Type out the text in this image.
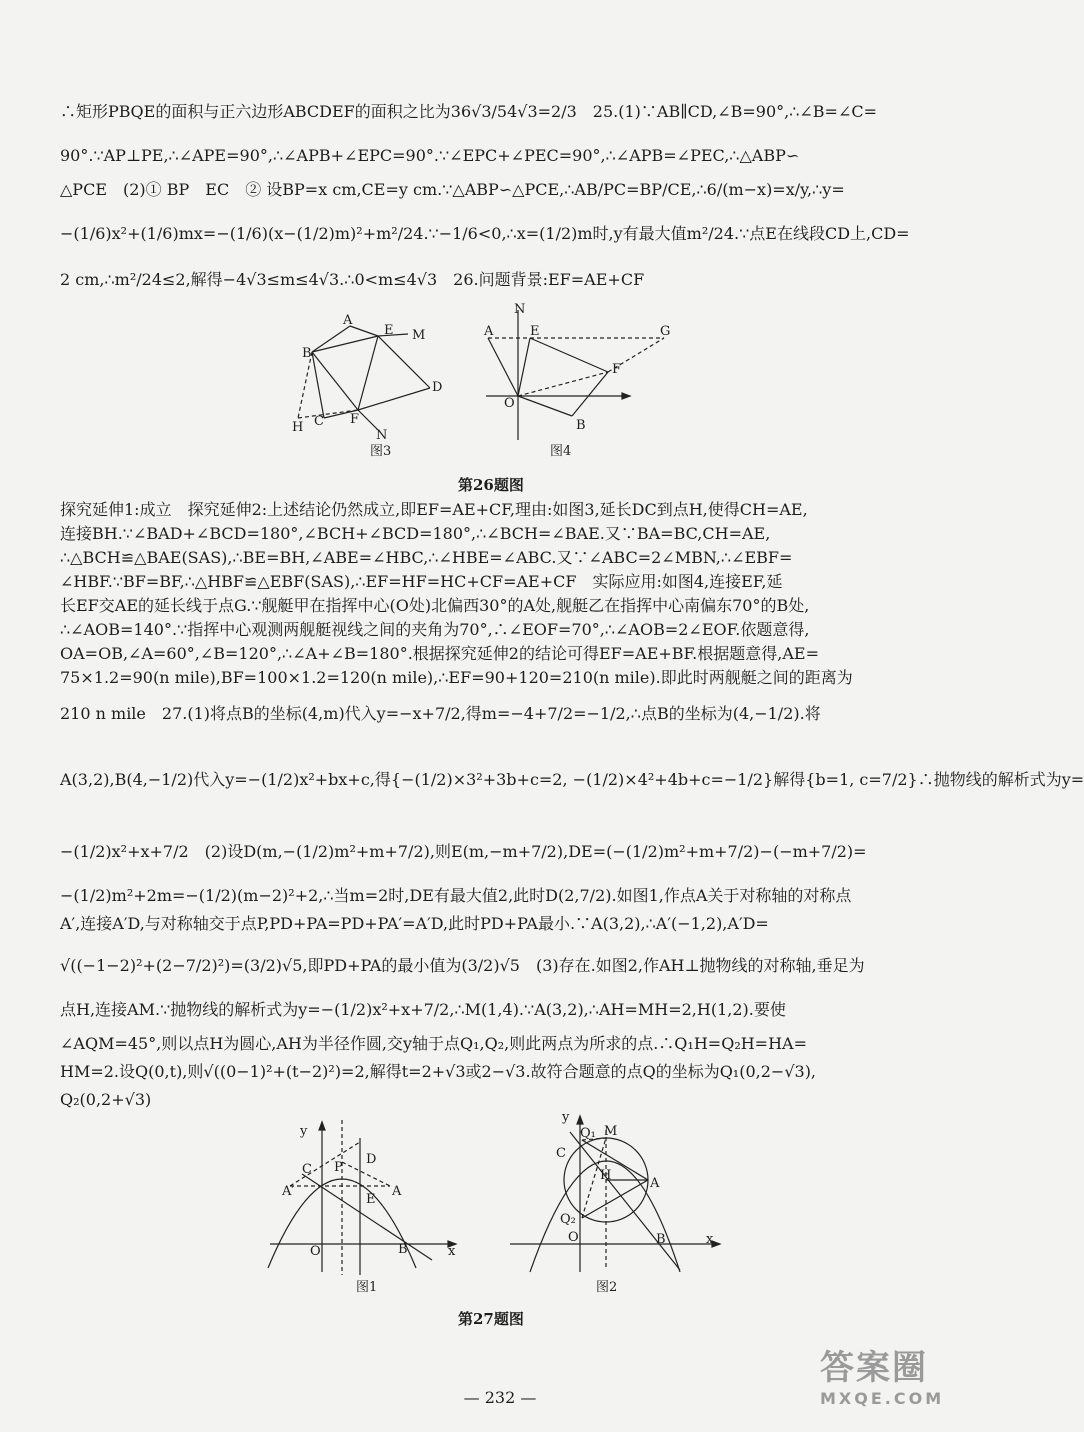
∴矩形PBQE的面积与正六边形ABCDEF的面积之比为36√3/54√3=2/3　25.(1)∵AB∥CD,∠B=90°,∴∠B=∠C=
90°.∵AP⊥PE,∴∠APE=90°,∴∠APB+∠EPC=90°.∵∠EPC+∠PEC=90°,∴∠APB=∠PEC,∴△ABP∽
△PCE　(2)① BP　EC　② 设BP=x cm,CE=y cm.∵△ABP∽△PCE,∴AB/PC=BP/CE,∴6/(m−x)=x/y,∴y=
−(1/6)x²+(1/6)mx=−(1/6)(x−(1/2)m)²+m²/24.∵−1/6<0,∴x=(1/2)m时,y有最大值m²/24.∵点E在线段CD上,CD=
2 cm,∴m²/24≤2,解得−4√3≤m≤4√3.∴0<m≤4√3　26.问题背景:EF=AE+CF
A
E M
B
D
H C F
N
图3
A
N
E	G
F
O
B
图4
第26题图
探究延伸1:成立　探究延伸2:上述结论仍然成立,即EF=AE+CF,理由:如图3,延长DC到点H,使得CH=AE,
连接BH.∵∠BAD+∠BCD=180°,∠BCH+∠BCD=180°,∴∠BCH=∠BAE.又∵BA=BC,CH=AE,
∴△BCH≌△BAE(SAS),∴BE=BH,∠ABE=∠HBC,∴∠HBE=∠ABC.又∵∠ABC=2∠MBN,∴∠EBF=
∠HBF.∵BF=BF,∴△HBF≌△EBF(SAS),∴EF=HF=HC+CF=AE+CF　实际应用:如图4,连接EF,延
长EF交AE的延长线于点G.∵舰艇甲在指挥中心(O处)北偏西30°的A处,舰艇乙在指挥中心南偏东70°的B处,
∴∠AOB=140°.∵指挥中心观测两舰艇视线之间的夹角为70°,∴∠EOF=70°,∴∠AOB=2∠EOF.依题意得,
OA=OB,∠A=60°,∠B=120°,∴∠A+∠B=180°.根据探究延伸2的结论可得EF=AE+BF.根据题意得,AE=
75×1.2=90(n mile),BF=100×1.2=120(n mile),∴EF=90+120=210(n mile).即此时两舰艇之间的距离为
210 n mile　27.(1)将点B的坐标(4,m)代入y=−x+7/2,得m=−4+7/2=−1/2,∴点B的坐标为(4,−1/2).将
A(3,2),B(4,−1/2)代入y=−(1/2)x²+bx+c,得{−(1/2)×3²+3b+c=2, −(1/2)×4²+4b+c=−1/2}解得{b=1, c=7/2}∴抛物线的解析式为y=
−(1/2)x²+x+7/2　(2)设D(m,−(1/2)m²+m+7/2),则E(m,−m+7/2),DE=(−(1/2)m²+m+7/2)−(−m+7/2)=
−(1/2)m²+2m=−(1/2)(m−2)²+2,∴当m=2时,DE有最大值2,此时D(2,7/2).如图1,作点A关于对称轴的对称点
A′,连接A′D,与对称轴交于点P,PD+PA=PD+PA′=A′D,此时PD+PA最小.∵A(3,2),∴A′(−1,2),A′D=
√((−1−2)²+(2−7/2)²)=(3/2)√5,即PD+PA的最小值为(3/2)√5　(3)存在.如图2,作AH⊥抛物线的对称轴,垂足为
点H,连接AM.∵抛物线的解析式为y=−(1/2)x²+x+7/2,∴M(1,4).∵A(3,2),∴AH=MH=2,H(1,2).要使
∠AQM=45°,则以点H为圆心,AH为半径作圆,交y轴于点Q₁,Q₂,则此两点为所求的点.∴Q₁H=Q₂H=HA=
HM=2.设Q(0,t),则√((0−1)²+(t−2)²)=2,解得t=2+√3或2−√3.故符合题意的点Q的坐标为Q₁(0,2−√3),
Q₂(0,2+√3)
y
C
D
P
A′
E
A
O	B	x
图1
y
Q₁ M
C
H
A
Q₂
O	B	x
图2
第27题图
— 232 —
答案圈
MXQE.COM
